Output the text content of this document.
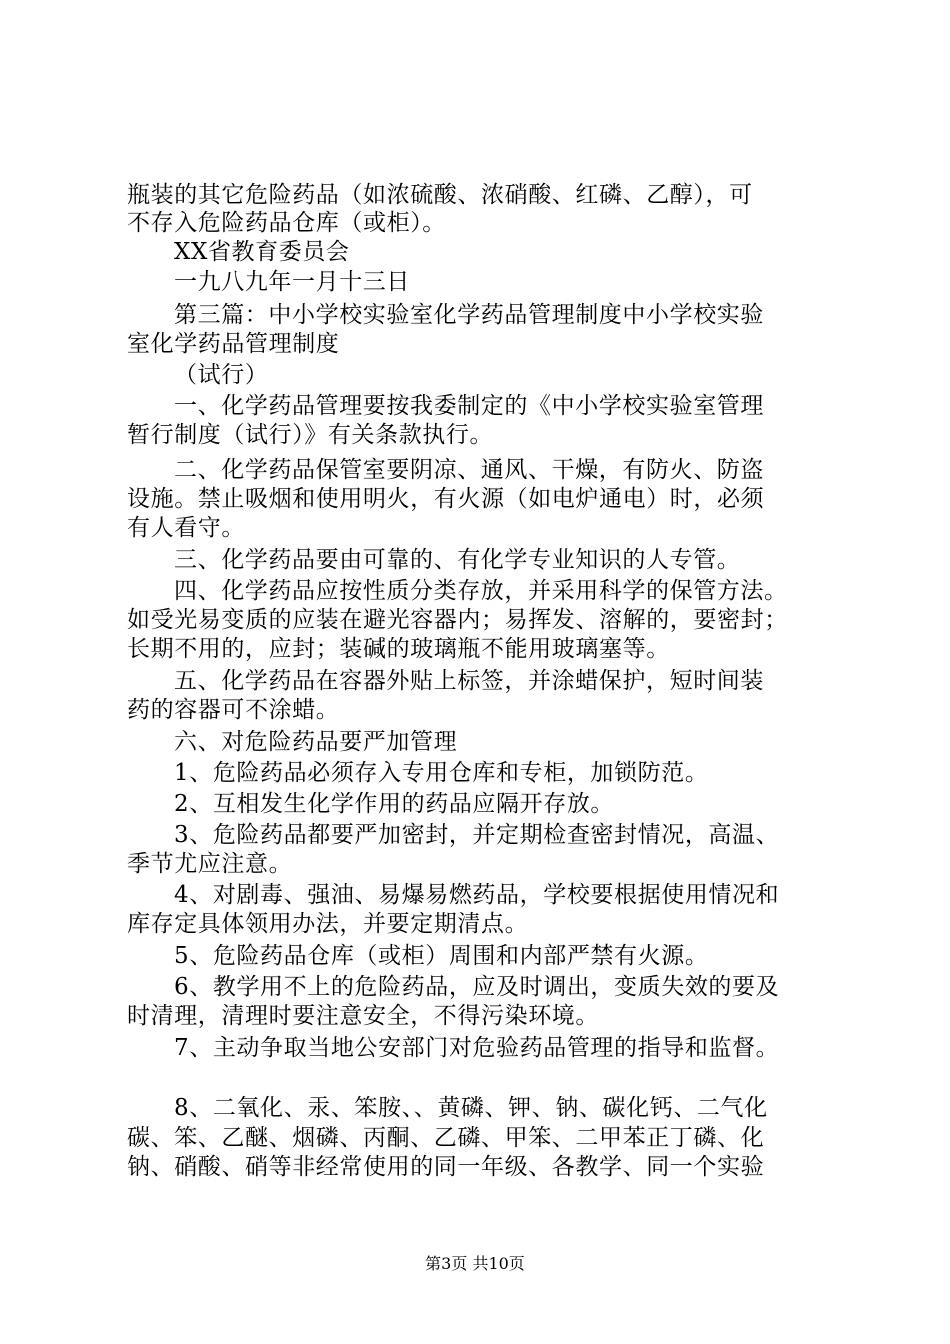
瓶装的其它危险药品（如浓硫酸、浓硝酸、红磷、乙醇），可
不存入危险药品仓库（或柜）。
XX省教育委员会
一九八九年一月十三日
第三篇：中小学校实验室化学药品管理制度中小学校实验
室化学药品管理制度
（试行）
一、化学药品管理要按我委制定的《中小学校实验室管理
暂行制度（试行）》有关条款执行。
二、化学药品保管室要阴凉、通风、干燥，有防火、防盗
设施。禁止吸烟和使用明火，有火源（如电炉通电）时，必须
有人看守。
三、化学药品要由可靠的、有化学专业知识的人专管。
四、化学药品应按性质分类存放，并采用科学的保管方法。
如受光易变质的应装在避光容器内；易挥发、溶解的，要密封；
长期不用的，应封；装碱的玻璃瓶不能用玻璃塞等。
五、化学药品在容器外贴上标签，并涂蜡保护，短时间装
药的容器可不涂蜡。
六、对危险药品要严加管理
1、危险药品必须存入专用仓库和专柜，加锁防范。
2、互相发生化学作用的药品应隔开存放。
3、危险药品都要严加密封，并定期检查密封情况，高温、
季节尤应注意。
4、对剧毒、强油、易爆易燃药品，学校要根据使用情况和
库存定具体领用办法，并要定期清点。
5、危险药品仓库（或柜）周围和内部严禁有火源。
6、教学用不上的危险药品，应及时调出，变质失效的要及
时清理，清理时要注意安全，不得污染环境。
7、主动争取当地公安部门对危验药品管理的指导和监督。
8、二氧化、汞、笨胺、、黄磷、钾、钠、碳化钙、二气化
碳、笨、乙醚、烟磷、丙酮、乙磷、甲笨、二甲苯正丁磷、化
钠、硝酸、硝等非经常使用的同一年级、各教学、同一个实验
第3页 共10页
